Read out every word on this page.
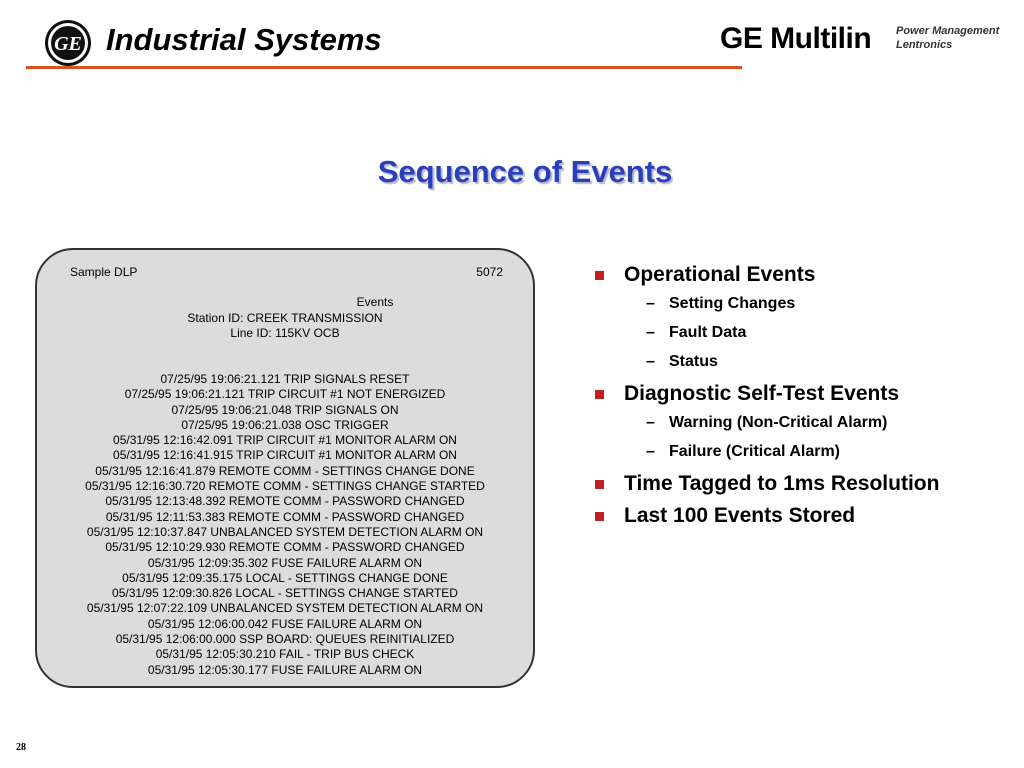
GE Industrial Systems	GE Multilin Power Management
Lentronics
Sequence of Events
Sample DLP	5072
Events
Station ID: CREEK TRANSMISSION
Line ID: 115KV OCB
07/25/95 19:06:21.121 TRIP SIGNALS RESET
07/25/95 19:06:21.121 TRIP CIRCUIT #1 NOT ENERGIZED
07/25/95 19:06:21.048 TRIP SIGNALS ON
07/25/95 19:06:21.038 OSC TRIGGER
05/31/95 12:16:42.091 TRIP CIRCUIT #1 MONITOR ALARM ON
05/31/95 12:16:41.915 TRIP CIRCUIT #1 MONITOR ALARM ON
05/31/95 12:16:41.879 REMOTE COMM - SETTINGS CHANGE DONE
05/31/95 12:16:30.720 REMOTE COMM - SETTINGS CHANGE STARTED
05/31/95 12:13:48.392 REMOTE COMM - PASSWORD CHANGED
05/31/95 12:11:53.383 REMOTE COMM - PASSWORD CHANGED
05/31/95 12:10:37.847 UNBALANCED SYSTEM DETECTION ALARM ON
05/31/95 12:10:29.930 REMOTE COMM - PASSWORD CHANGED
05/31/95 12:09:35.302 FUSE FAILURE ALARM ON
05/31/95 12:09:35.175 LOCAL - SETTINGS CHANGE DONE
05/31/95 12:09:30.826 LOCAL - SETTINGS CHANGE STARTED
05/31/95 12:07:22.109 UNBALANCED SYSTEM DETECTION ALARM ON
05/31/95 12:06:00.042 FUSE FAILURE ALARM ON
05/31/95 12:06:00.000 SSP BOARD: QUEUES REINITIALIZED
05/31/95 12:05:30.210 FAIL - TRIP BUS CHECK
05/31/95 12:05:30.177 FUSE FAILURE ALARM ON
Operational Events
– Setting Changes
– Fault Data
– Status
Diagnostic Self-Test Events
– Warning (Non-Critical Alarm)
– Failure (Critical Alarm)
Time Tagged to 1ms Resolution
Last 100 Events Stored
28
